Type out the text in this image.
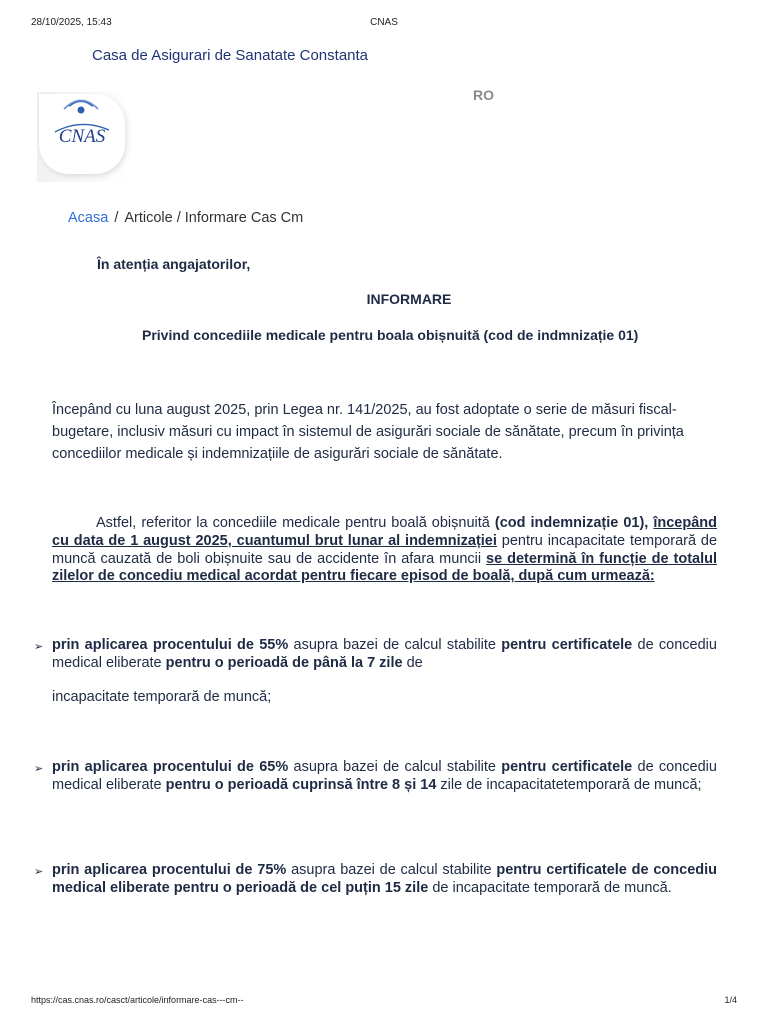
28/10/2025, 15:43	CNAS
Casa de Asigurari de Sanatate Constanta
CNAS
RO
Acasa / Articole / Informare Cas Cm
În atenția angajatorilor,
INFORMARE
Privind concediile medicale pentru boala obișnuită (cod de indmnizație 01)

Începând cu luna august 2025, prin Legea nr. 141/2025, au fost adoptate o serie de măsuri fiscal-bugetare, inclusiv măsuri cu impact în sistemul de asigurări sociale de sănătate, precum în privința concediilor medicale și indemnizațiile de asigurări sociale de sănătate.

Astfel, referitor la concediile medicale pentru boală obișnuită (cod indemnizație 01), începând cu data de 1 august 2025, cuantumul brut lunar al indemnizației pentru incapacitate temporară de muncă cauzată de boli obișnuite sau de accidente în afara muncii se determină în funcție de totalul zilelor de concediu medical acordat pentru fiecare episod de boală, după cum urmează:

➢ prin aplicarea procentului de 55% asupra bazei de calcul stabilite pentru certificatele de concediu medical eliberate pentru o perioadă de până la 7 zile de

incapacitate temporară de muncă;
➢ prin aplicarea procentului de 65% asupra bazei de calcul stabilite pentru certificatele de concediu medical eliberate pentru o perioadă cuprinsă între 8 și 14 zile de incapacitatetemporară de muncă;

➢ prin aplicarea procentului de 75% asupra bazei de calcul stabilite pentru certificatele de concediu medical eliberate pentru o perioadă de cel puțin 15 zile de incapacitate temporară de muncă.

https://cas.cnas.ro/casct/articole/informare-cas---cm--	1/4
